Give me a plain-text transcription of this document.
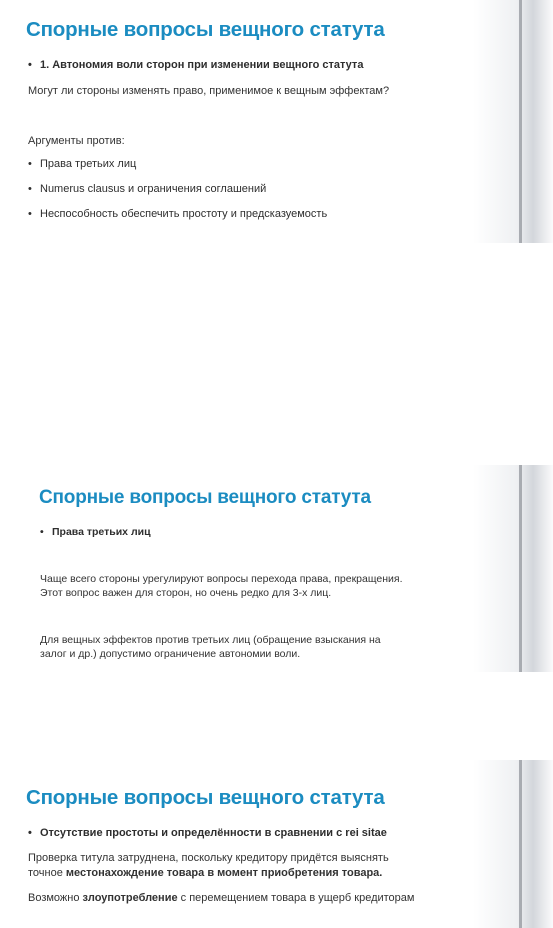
Спорные вопросы вещного статута
• 1. Автономия воли сторон при изменении вещного статута
Могут ли стороны изменять право, применимое к вещным эффектам?
Аргументы против:
• Права третьих лиц
• Numerus clausus и ограничения соглашений
• Неспособность обеспечить простоту и предсказуемость
Спорные вопросы вещного статута
• Права третьих лиц
Чаще всего стороны урегулируют вопросы перехода права, прекращения.
Этот вопрос важен для сторон, но очень редко для 3-х лиц.
Для вещных эффектов против третьих лиц (обращение взыскания на
залог и др.) допустимо ограничение автономии воли.
Спорные вопросы вещного статута
• Отсутствие простоты и определённости в сравнении с rei sitae
Проверка титула затруднена, поскольку кредитору придётся выяснять
точное местонахождение товара в момент приобретения товара.
Возможно злоупотребление с перемещением товара в ущерб кредиторам
